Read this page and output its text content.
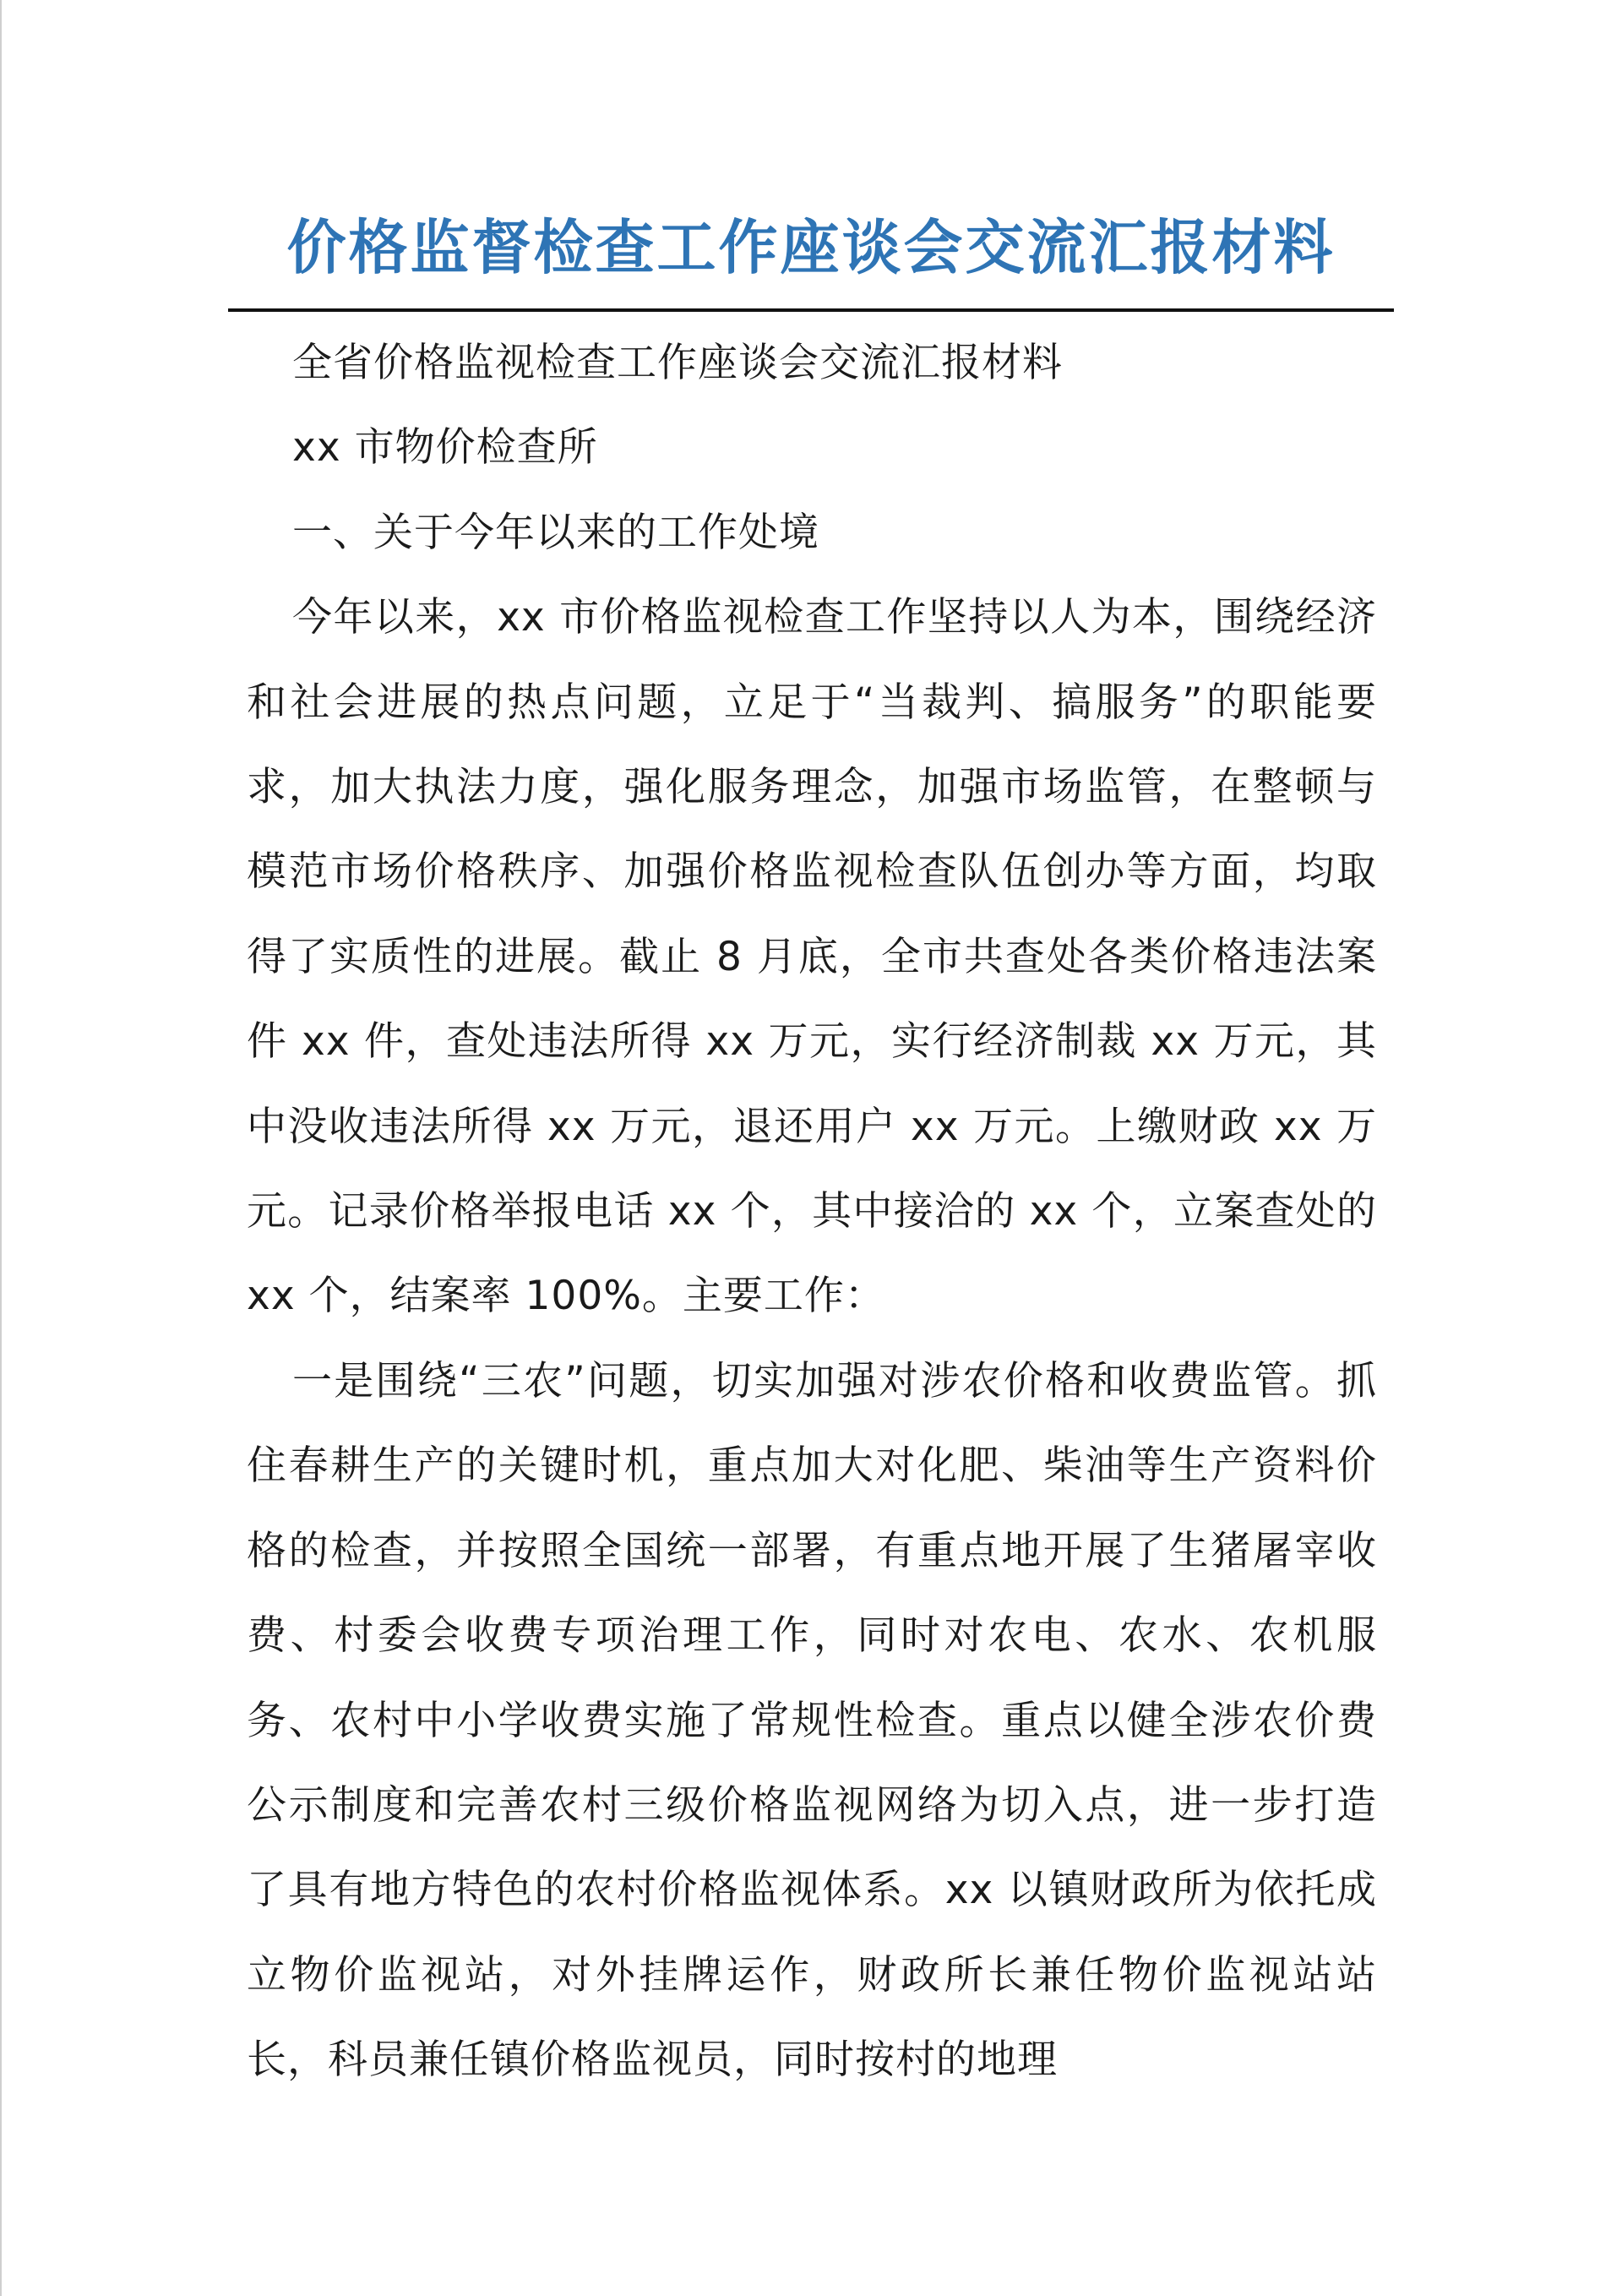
价格监督检查工作座谈会交流汇报材料

全省价格监视检查工作座谈会交流汇报材料

xx 市物价检查所

一、关于今年以来的工作处境

今年以来，xx 市价格监视检查工作坚持以人为本，围绕经济和社会进展的热点问题，立足于“当裁判、搞服务”的职能要求，加大执法力度，强化服务理念，加强市场监管，在整顿与模范市场价格秩序、加强价格监视检查队伍创办等方面，均取得了实质性的进展。截止 8 月底，全市共查处各类价格违法案件 xx 件，查处违法所得 xx 万元，实行经济制裁 xx 万元，其中没收违法所得 xx 万元，退还用户 xx 万元。上缴财政 xx 万元。记录价格举报电话 xx 个，其中接洽的 xx 个，立案查处的 xx 个，结案率 100%。主要工作：

一是围绕“三农”问题，切实加强对涉农价格和收费监管。抓住春耕生产的关键时机，重点加大对化肥、柴油等生产资料价格的检查，并按照全国统一部署，有重点地开展了生猪屠宰收费、村委会收费专项治理工作，同时对农电、农水、农机服务、农村中小学收费实施了常规性检查。重点以健全涉农价费公示制度和完善农村三级价格监视网络为切入点，进一步打造了具有地方特色的农村价格监视体系。xx 以镇财政所为依托成立物价监视站，对外挂牌运作，财政所长兼任物价监视站站长，科员兼任镇价格监视员，同时按村的地理
